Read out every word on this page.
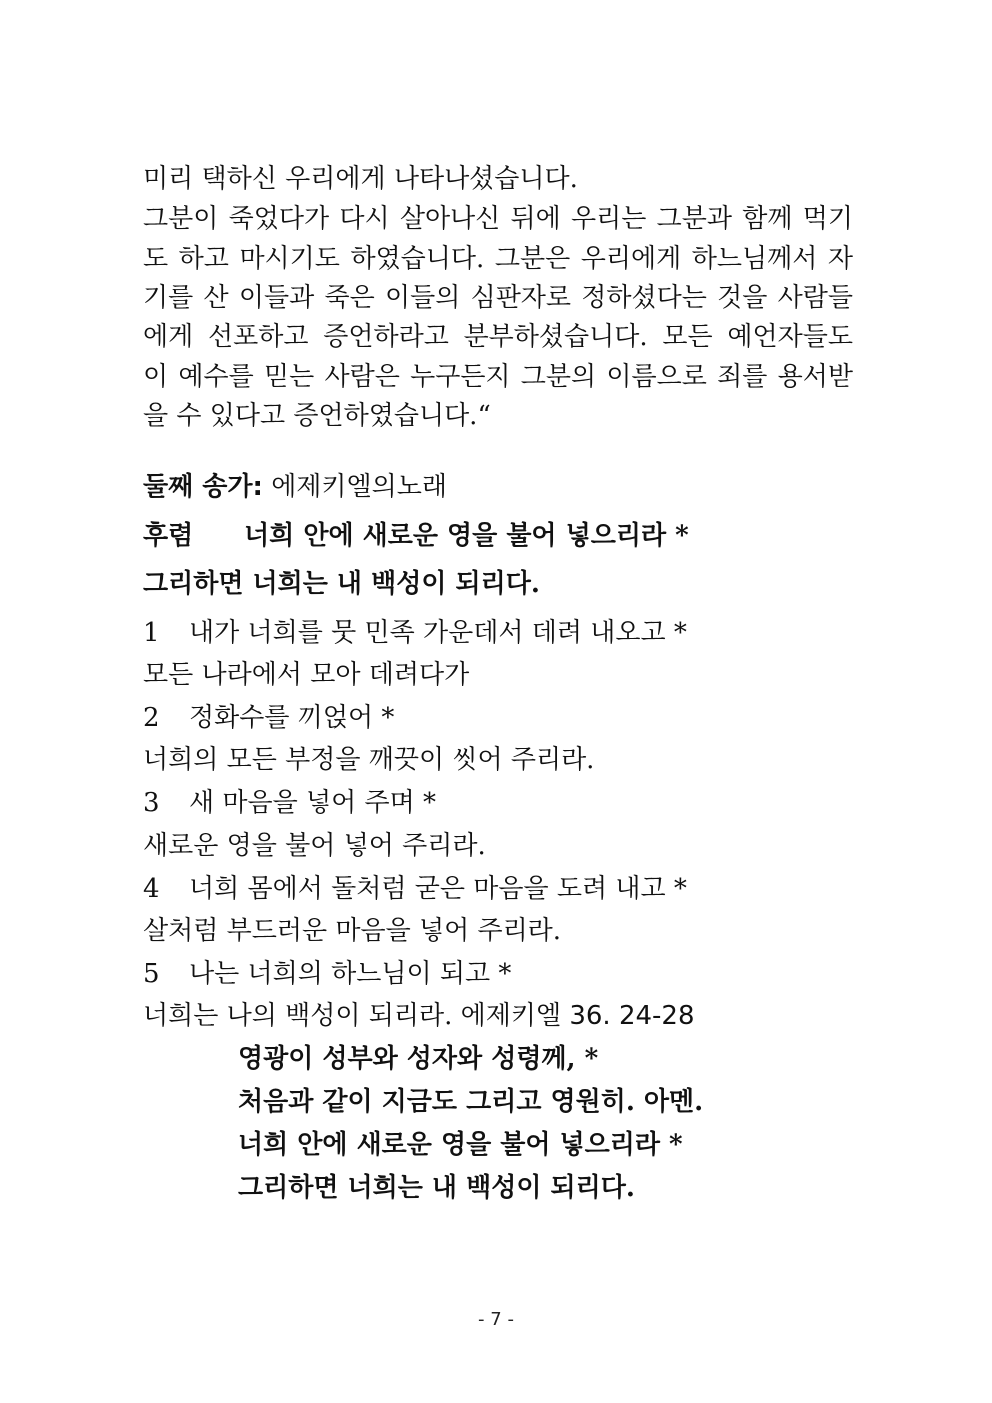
미리 택하신 우리에게 나타나셨습니다.
그분이 죽었다가 다시 살아나신 뒤에 우리는 그분과 함께 먹기
도 하고 마시기도 하였습니다. 그분은 우리에게 하느님께서 자
기를 산 이들과 죽은 이들의 심판자로 정하셨다는 것을 사람들
에게 선포하고 증언하라고 분부하셨습니다. 모든 예언자들도
이 예수를 믿는 사람은 누구든지 그분의 이름으로 죄를 용서받
을 수 있다고 증언하였습니다.“
둘째 송가: 에제키엘의노래
후렴 너희 안에 새로운 영을 불어 넣으리라 *
그리하면 너희는 내 백성이 되리다.
1 내가 너희를 뭇 민족 가운데서 데려 내오고 *
모든 나라에서 모아 데려다가
2 정화수를 끼얹어 *
너희의 모든 부정을 깨끗이 씻어 주리라.
3 새 마음을 넣어 주며 *
새로운 영을 불어 넣어 주리라.
4 너희 몸에서 돌처럼 굳은 마음을 도려 내고 *
살처럼 부드러운 마음을 넣어 주리라.
5 나는 너희의 하느님이 되고 *
너희는 나의 백성이 되리라. 에제키엘 36. 24-28
영광이 성부와 성자와 성령께, *
처음과 같이 지금도 그리고 영원히. 아멘.
너희 안에 새로운 영을 불어 넣으리라 *
그리하면 너희는 내 백성이 되리다.
- 7 -
